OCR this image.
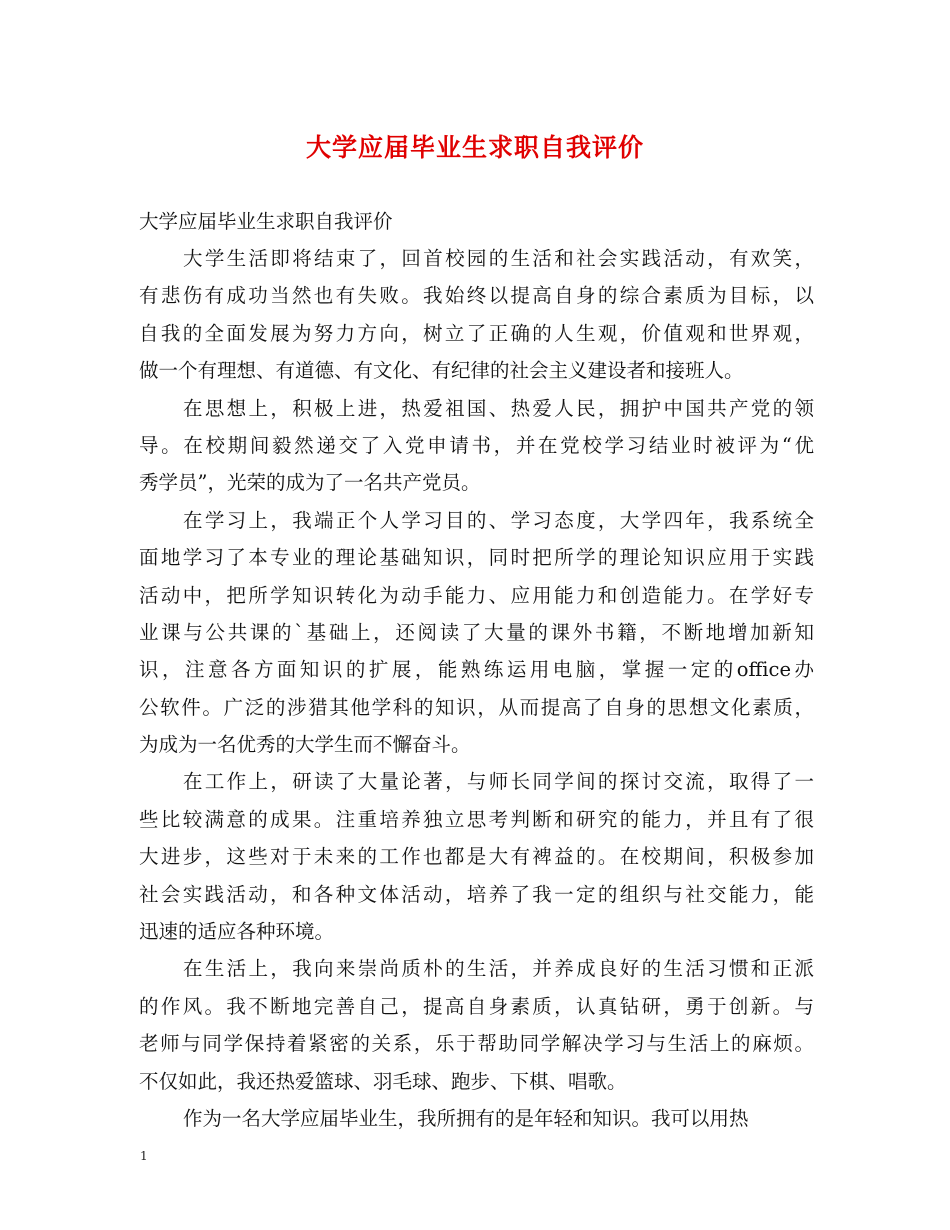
大学应届毕业生求职自我评价

大学应届毕业生求职自我评价

大学生活即将结束了，回首校园的生活和社会实践活动，有欢笑，

有悲伤有成功当然也有失败。我始终以提高自身的综合素质为目标，以

自我的全面发展为努力方向，树立了正确的人生观，价值观和世界观，

做一个有理想、有道德、有文化、有纪律的社会主义建设者和接班人。

在思想上，积极上进，热爱祖国、热爱人民，拥护中国共产党的领

导。在校期间毅然递交了入党申请书，并在党校学习结业时被评为“优

秀学员”，光荣的成为了一名共产党员。

在学习上，我端正个人学习目的、学习态度，大学四年，我系统全

面地学习了本专业的理论基础知识，同时把所学的理论知识应用于实践

活动中，把所学知识转化为动手能力、应用能力和创造能力。在学好专

业课与公共课的`基础上，还阅读了大量的课外书籍，不断地增加新知

识，注意各方面知识的扩展，能熟练运用电脑，掌握一定的office办

公软件。广泛的涉猎其他学科的知识，从而提高了自身的思想文化素质，

为成为一名优秀的大学生而不懈奋斗。

在工作上，研读了大量论著，与师长同学间的探讨交流，取得了一

些比较满意的成果。注重培养独立思考判断和研究的能力，并且有了很

大进步，这些对于未来的工作也都是大有裨益的。在校期间，积极参加

社会实践活动，和各种文体活动，培养了我一定的组织与社交能力，能

迅速的适应各种环境。

在生活上，我向来崇尚质朴的生活，并养成良好的生活习惯和正派

的作风。我不断地完善自己，提高自身素质，认真钻研，勇于创新。与

老师与同学保持着紧密的关系，乐于帮助同学解决学习与生活上的麻烦。

不仅如此，我还热爱篮球、羽毛球、跑步、下棋、唱歌。

作为一名大学应届毕业生，我所拥有的是年轻和知识。我可以用热

1
